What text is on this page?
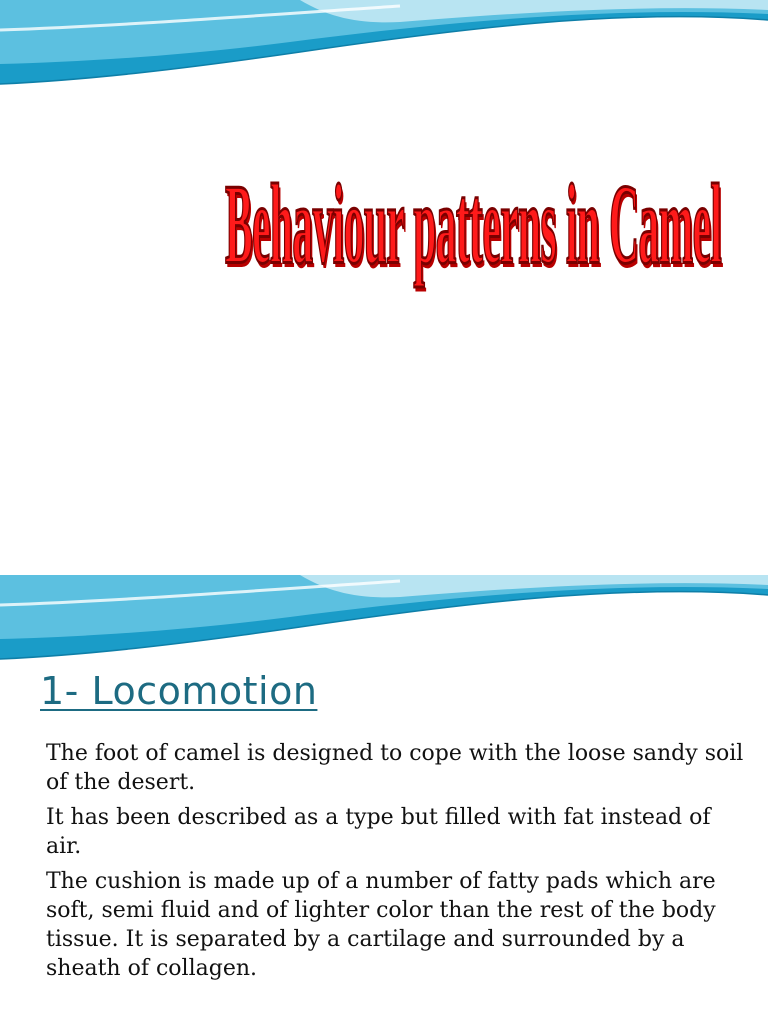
Behaviour patterns in Camel
1- Locomotion

The foot of camel is designed to cope with the loose sandy soil of the desert.

It has been described as a type but filled with fat instead of air.

The cushion is made up of a number of fatty pads which are soft, semi fluid and of lighter color than the rest of the body tissue. It is separated by a cartilage and surrounded by a sheath of collagen.
